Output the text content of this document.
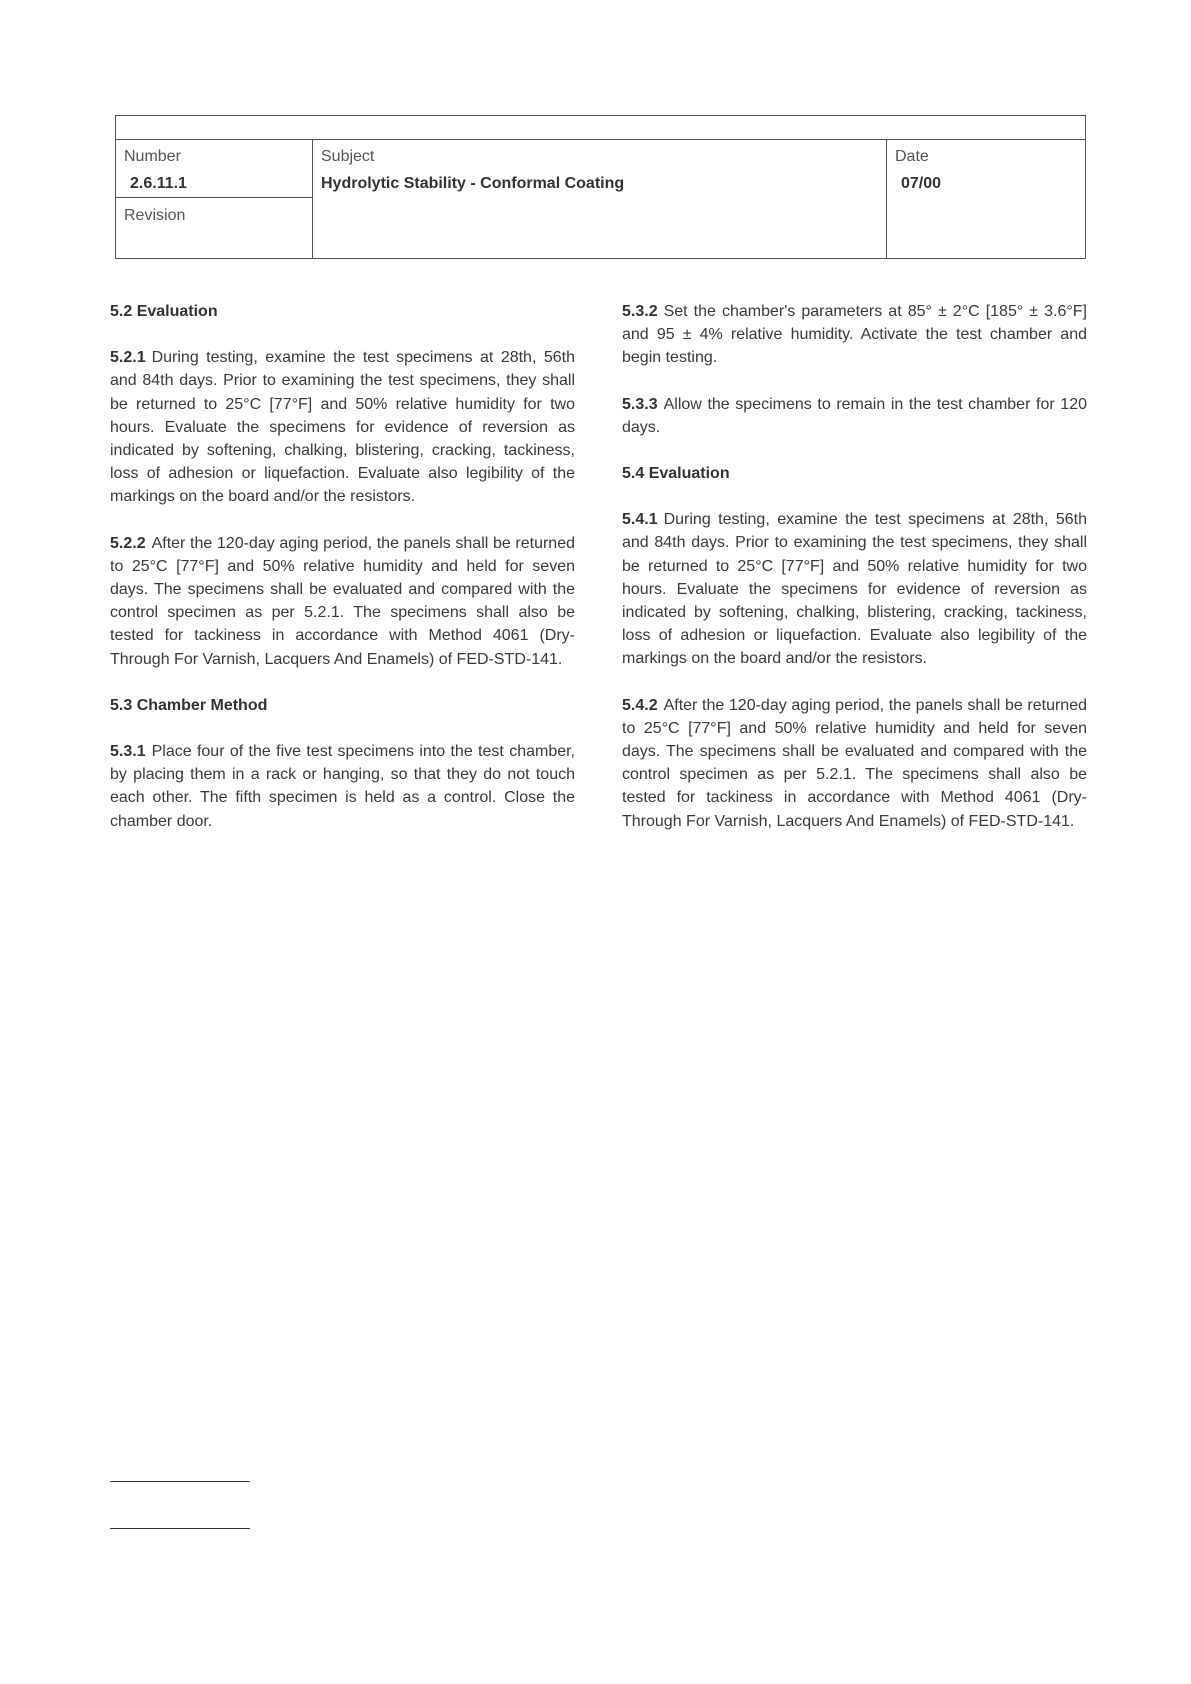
Number
2.6.11.1
Revision
Subject
Hydrolytic Stability - Conformal Coating
Date
07/00
5.2 Evaluation

5.2.1 During testing, examine the test specimens at 28th, 56th and 84th days. Prior to examining the test specimens, they shall be returned to 25°C [77°F] and 50% relative humidity for two hours. Evaluate the specimens for evidence of reversion as indicated by softening, chalking, blistering, cracking, tackiness, loss of adhesion or liquefaction. Evaluate also legibility of the markings on the board and/or the resistors.

5.2.2 After the 120-day aging period, the panels shall be returned to 25°C [77°F] and 50% relative humidity and held for seven days. The specimens shall be evaluated and compared with the control specimen as per 5.2.1. The specimens shall also be tested for tackiness in accordance with Method 4061 (Dry-Through For Varnish, Lacquers And Enamels) of FED-STD-141.

5.3 Chamber Method

5.3.1 Place four of the five test specimens into the test chamber, by placing them in a rack or hanging, so that they do not touch each other. The fifth specimen is held as a control. Close the chamber door.

5.3.2 Set the chamber's parameters at 85° ± 2°C [185° ± 3.6°F] and 95 ± 4% relative humidity. Activate the test chamber and begin testing.

5.3.3 Allow the specimens to remain in the test chamber for 120 days.

5.4 Evaluation

5.4.1 During testing, examine the test specimens at 28th, 56th and 84th days. Prior to examining the test specimens, they shall be returned to 25°C [77°F] and 50% relative humidity for two hours. Evaluate the specimens for evidence of reversion as indicated by softening, chalking, blistering, cracking, tackiness, loss of adhesion or liquefaction. Evaluate also legibility of the markings on the board and/or the resistors.

5.4.2 After the 120-day aging period, the panels shall be returned to 25°C [77°F] and 50% relative humidity and held for seven days. The specimens shall be evaluated and compared with the control specimen as per 5.2.1. The specimens shall also be tested for tackiness in accordance with Method 4061 (Dry-Through For Varnish, Lacquers And Enamels) of FED-STD-141.
